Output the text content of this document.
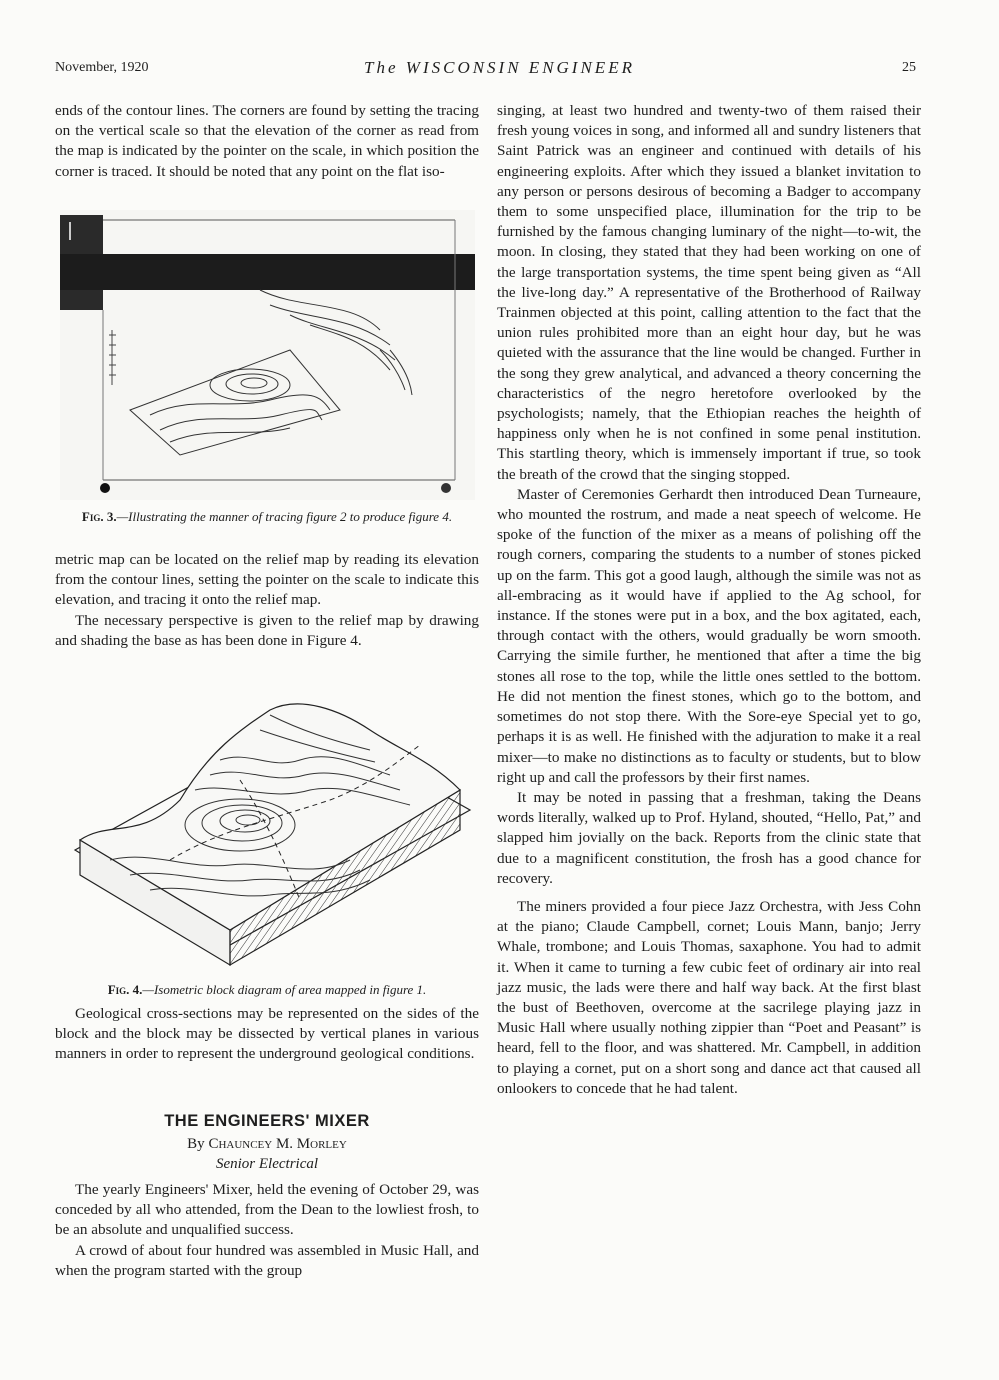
November, 1920	The WISCONSIN ENGINEER	25

ends of the contour lines. The corners are found by setting the tracing on the vertical scale so that the elevation of the corner as read from the map is indicated by the pointer on the scale, in which position the corner is traced. It should be noted that any point on the flat iso-

Fig. 3.—Illustrating the manner of tracing figure 2 to produce figure 4.

metric map can be located on the relief map by reading its elevation from the contour lines, setting the pointer on the scale to indicate this elevation, and tracing it onto the relief map.

The necessary perspective is given to the relief map by drawing and shading the base as has been done in Figure 4.

Fig. 4.—Isometric block diagram of area mapped in figure 1.

Geological cross-sections may be represented on the sides of the block and the block may be dissected by vertical planes in various manners in order to represent the underground geological conditions.

THE ENGINEERS' MIXER
By Chauncey M. Morley
Senior Electrical

The yearly Engineers' Mixer, held the evening of October 29, was conceded by all who attended, from the Dean to the lowliest frosh, to be an absolute and unqualified success.

A crowd of about four hundred was assembled in Music Hall, and when the program started with the group

singing, at least two hundred and twenty-two of them raised their fresh young voices in song, and informed all and sundry listeners that Saint Patrick was an engineer and continued with details of his engineering exploits. After which they issued a blanket invitation to any person or persons desirous of becoming a Badger to accompany them to some unspecified place, illumination for the trip to be furnished by the famous changing luminary of the night—to-wit, the moon. In closing, they stated that they had been working on one of the large transportation systems, the time spent being given as “All the live-long day.” A representative of the Brotherhood of Railway Trainmen objected at this point, calling attention to the fact that the union rules prohibited more than an eight hour day, but he was quieted with the assurance that the line would be changed. Further in the song they grew analytical, and advanced a theory concerning the characteristics of the negro heretofore overlooked by the psychologists; namely, that the Ethiopian reaches the heighth of happiness only when he is not confined in some penal institution. This startling theory, which is immensely important if true, so took the breath of the crowd that the singing stopped.

Master of Ceremonies Gerhardt then introduced Dean Turneaure, who mounted the rostrum, and made a neat speech of welcome. He spoke of the function of the mixer as a means of polishing off the rough corners, comparing the students to a number of stones picked up on the farm. This got a good laugh, although the simile was not as all-embracing as it would have if applied to the Ag school, for instance. If the stones were put in a box, and the box agitated, each, through contact with the others, would gradually be worn smooth. Carrying the simile further, he mentioned that after a time the big stones all rose to the top, while the little ones settled to the bottom. He did not mention the finest stones, which go to the bottom, and sometimes do not stop there. With the Sore-eye Special yet to go, perhaps it is as well. He finished with the adjuration to make it a real mixer—to make no distinctions as to faculty or students, but to blow right up and call the professors by their first names.

It may be noted in passing that a freshman, taking the Deans words literally, walked up to Prof. Hyland, shouted, “Hello, Pat,” and slapped him jovially on the back. Reports from the clinic state that due to a magnificent constitution, the frosh has a good chance for recovery.

The miners provided a four piece Jazz Orchestra, with Jess Cohn at the piano; Claude Campbell, cornet; Louis Mann, banjo; Jerry Whale, trombone; and Louis Thomas, saxaphone. You had to admit it. When it came to turning a few cubic feet of ordinary air into real jazz music, the lads were there and half way back. At the first blast the bust of Beethoven, overcome at the sacrilege playing jazz in Music Hall where usually nothing zippier than “Poet and Peasant” is heard, fell to the floor, and was shattered. Mr. Campbell, in addition to playing a cornet, put on a short song and dance act that caused all onlookers to concede that he had talent.
